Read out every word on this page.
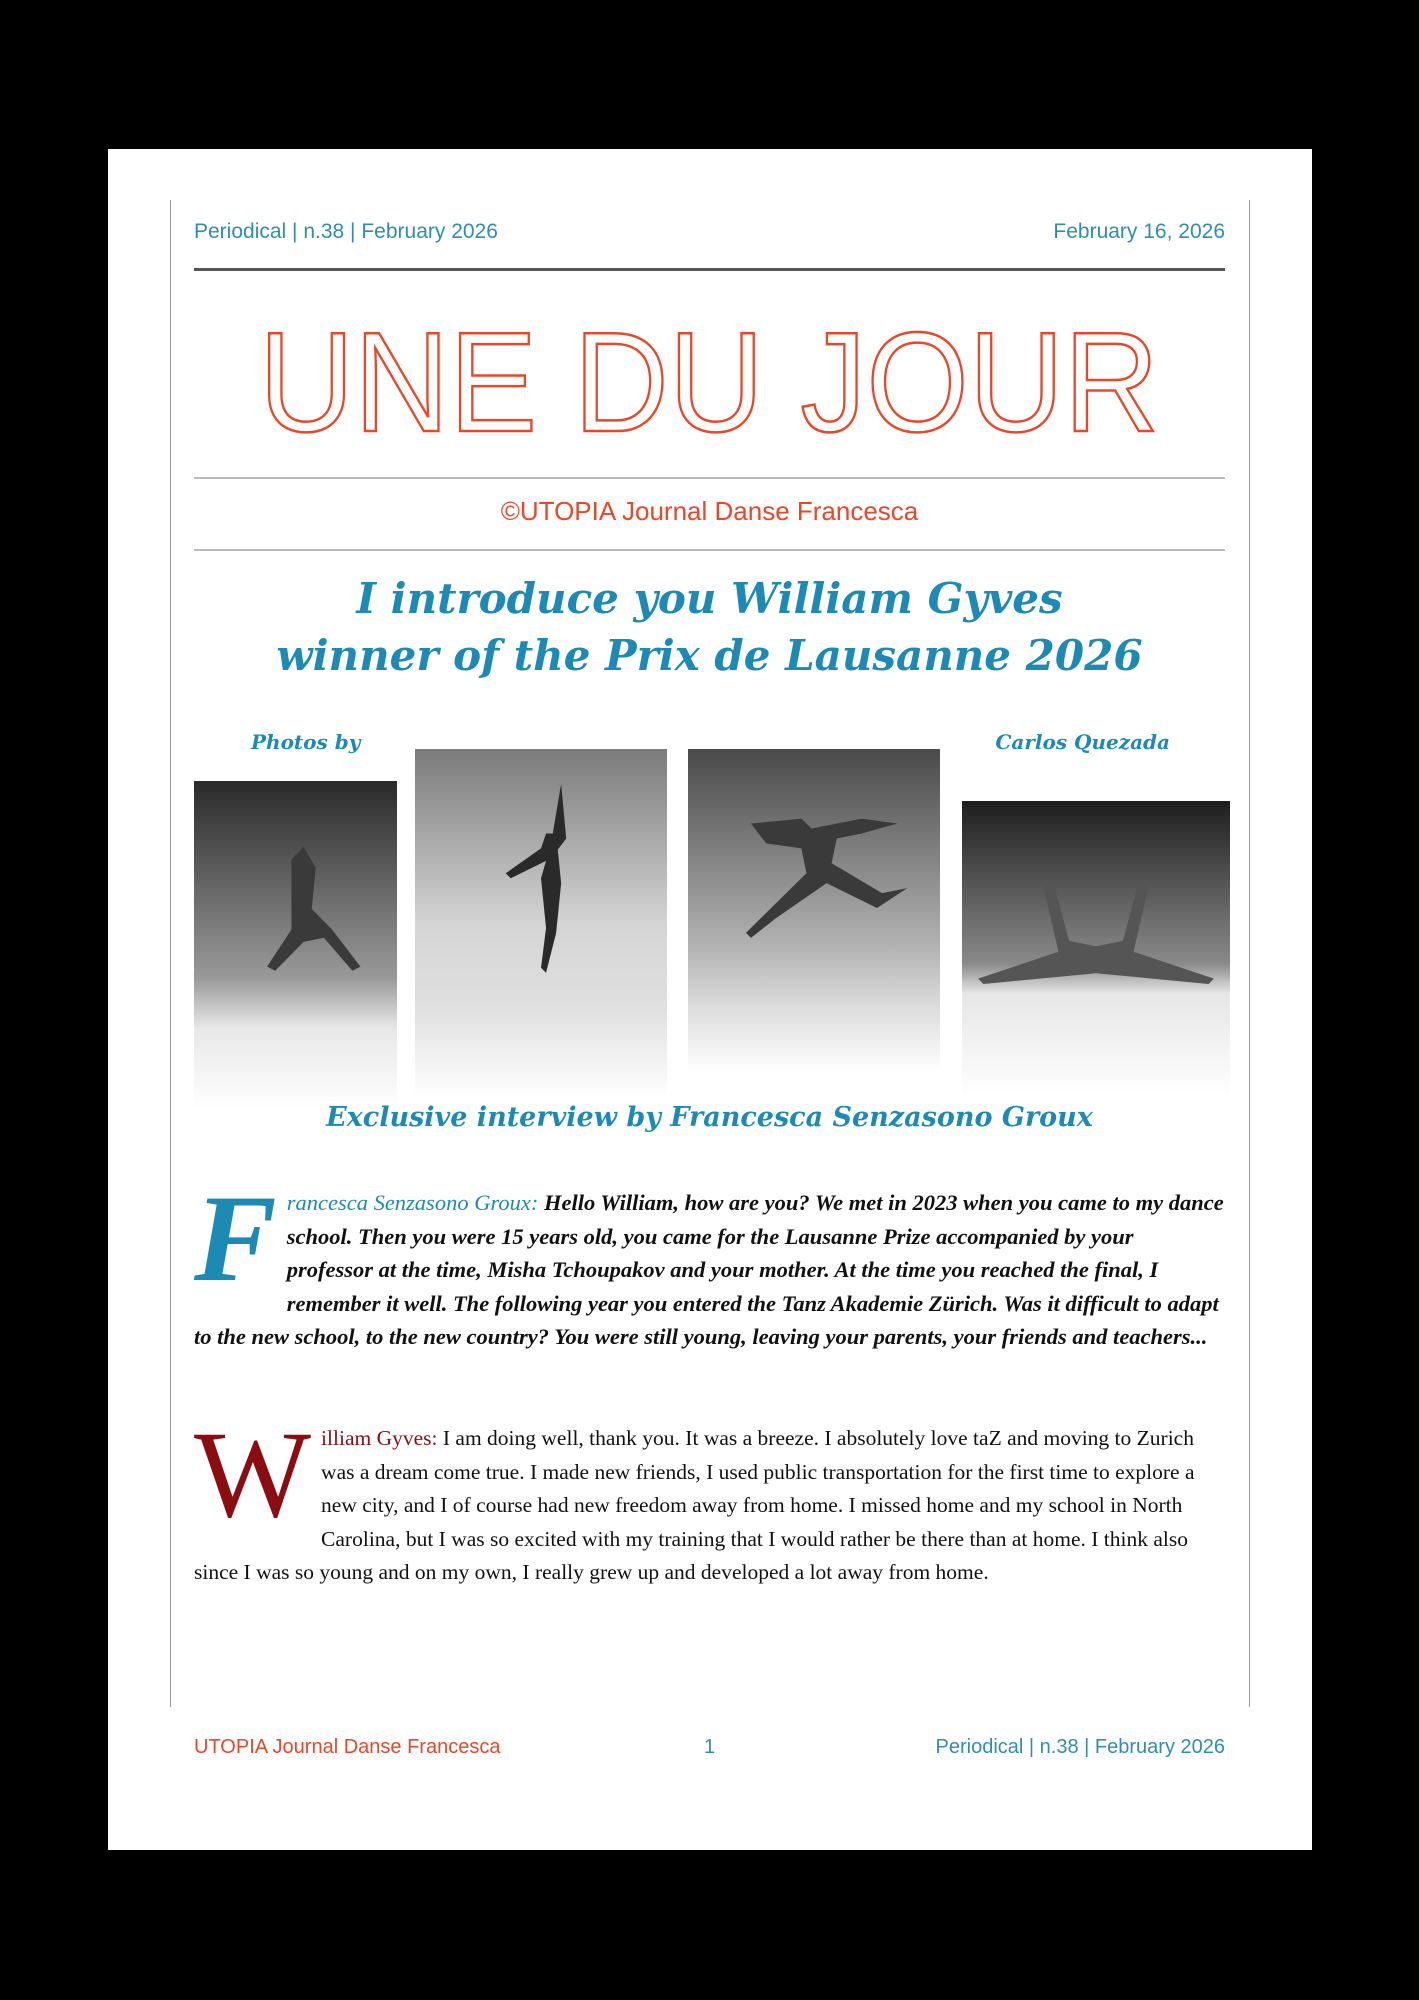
Periodical | n.38 | February 2026	February 16, 2026
UNE DU JOUR
©UTOPIA Journal Danse Francesca
I introduce you William Gyves
winner of the Prix de Lausanne 2026
Photos by	Carlos Quezada
Exclusive interview by Francesca Senzasono Groux
Francesca Senzasono Groux: Hello William, how are you? We met in 2023 when you came to my dance school. Then you were 15 years old, you came for the Lausanne Prize accompanied by your professor at the time, Misha Tchoupakov and your mother. At the time you reached the final, I remember it well. The following year you entered the Tanz Akademie Zürich. Was it difficult to adapt to the new school, to the new country? You were still young, leaving your parents, your friends and teachers...
William Gyves: I am doing well, thank you. It was a breeze. I absolutely love taZ and moving to Zurich was a dream come true. I made new friends, I used public transportation for the first time to explore a new city, and I of course had new freedom away from home. I missed home and my school in North Carolina, but I was so excited with my training that I would rather be there than at home. I think also since I was so young and on my own, I really grew up and developed a lot away from home.
UTOPIA Journal Danse Francesca	1	Periodical | n.38 | February 2026
